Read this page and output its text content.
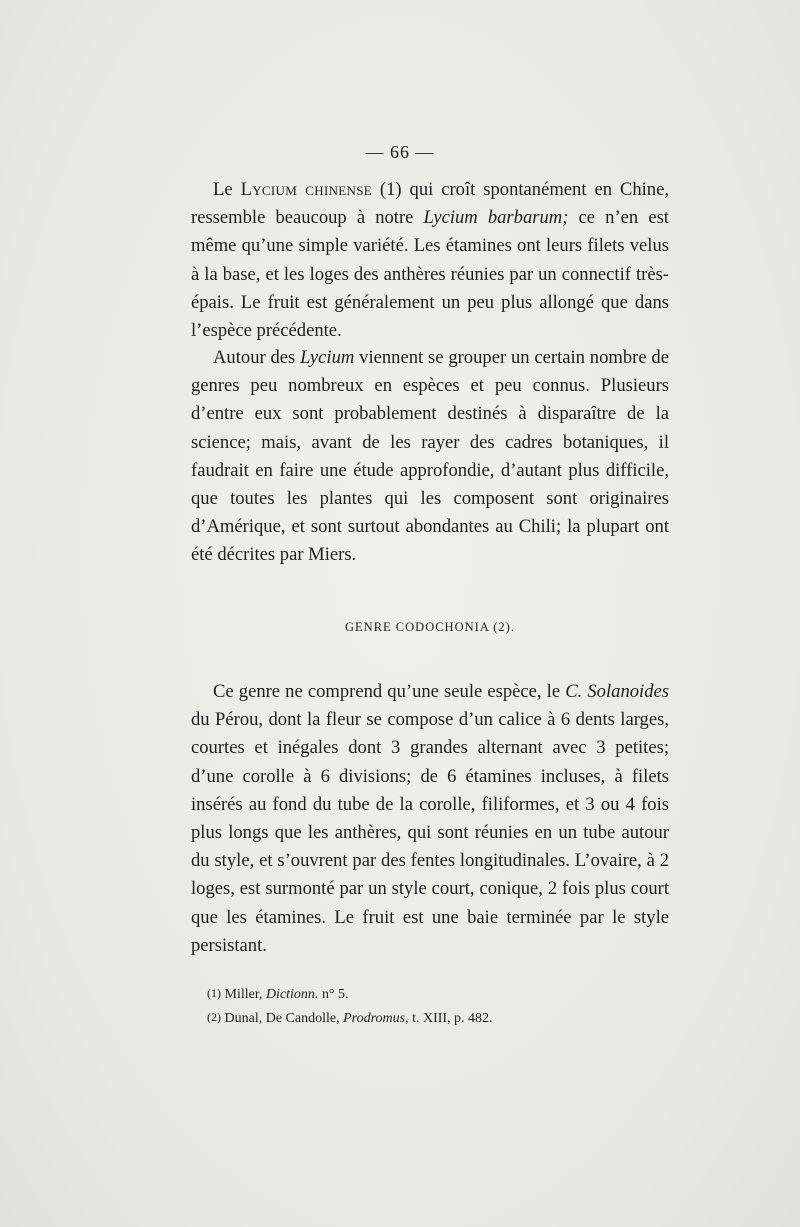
— 66 —

Le Lycium chinense (1) qui croît spontanément en Chine, ressemble beaucoup à notre Lycium barbarum; ce n’en est même qu’une simple variété. Les étamines ont leurs filets velus à la base, et les loges des anthères réunies par un connectif très-épais. Le fruit est généralement un peu plus allongé que dans l’espèce précédente.

Autour des Lycium viennent se grouper un certain nombre de genres peu nombreux en espèces et peu connus. Plusieurs d’entre eux sont probablement destinés à disparaître de la science; mais, avant de les rayer des cadres botaniques, il faudrait en faire une étude approfondie, d’autant plus difficile, que toutes les plantes qui les composent sont originaires d’Amérique, et sont surtout abondantes au Chili; la plupart ont été décrites par Miers.

GENRE CODOCHONIA (2).

Ce genre ne comprend qu’une seule espèce, le C. Solanoides du Pérou, dont la fleur se compose d’un calice à 6 dents larges, courtes et inégales dont 3 grandes alternant avec 3 petites; d’une corolle à 6 divisions; de 6 étamines incluses, à filets insérés au fond du tube de la corolle, filiformes, et 3 ou 4 fois plus longs que les anthères, qui sont réunies en un tube autour du style, et s’ouvrent par des fentes longitudinales. L’ovaire, à 2 loges, est surmonté par un style court, conique, 2 fois plus court que les étamines. Le fruit est une baie terminée par le style persistant.

(1) Miller, Dictionn. n° 5.

(2) Dunal, De Candolle, Prodromus, t. XIII, p. 482.
